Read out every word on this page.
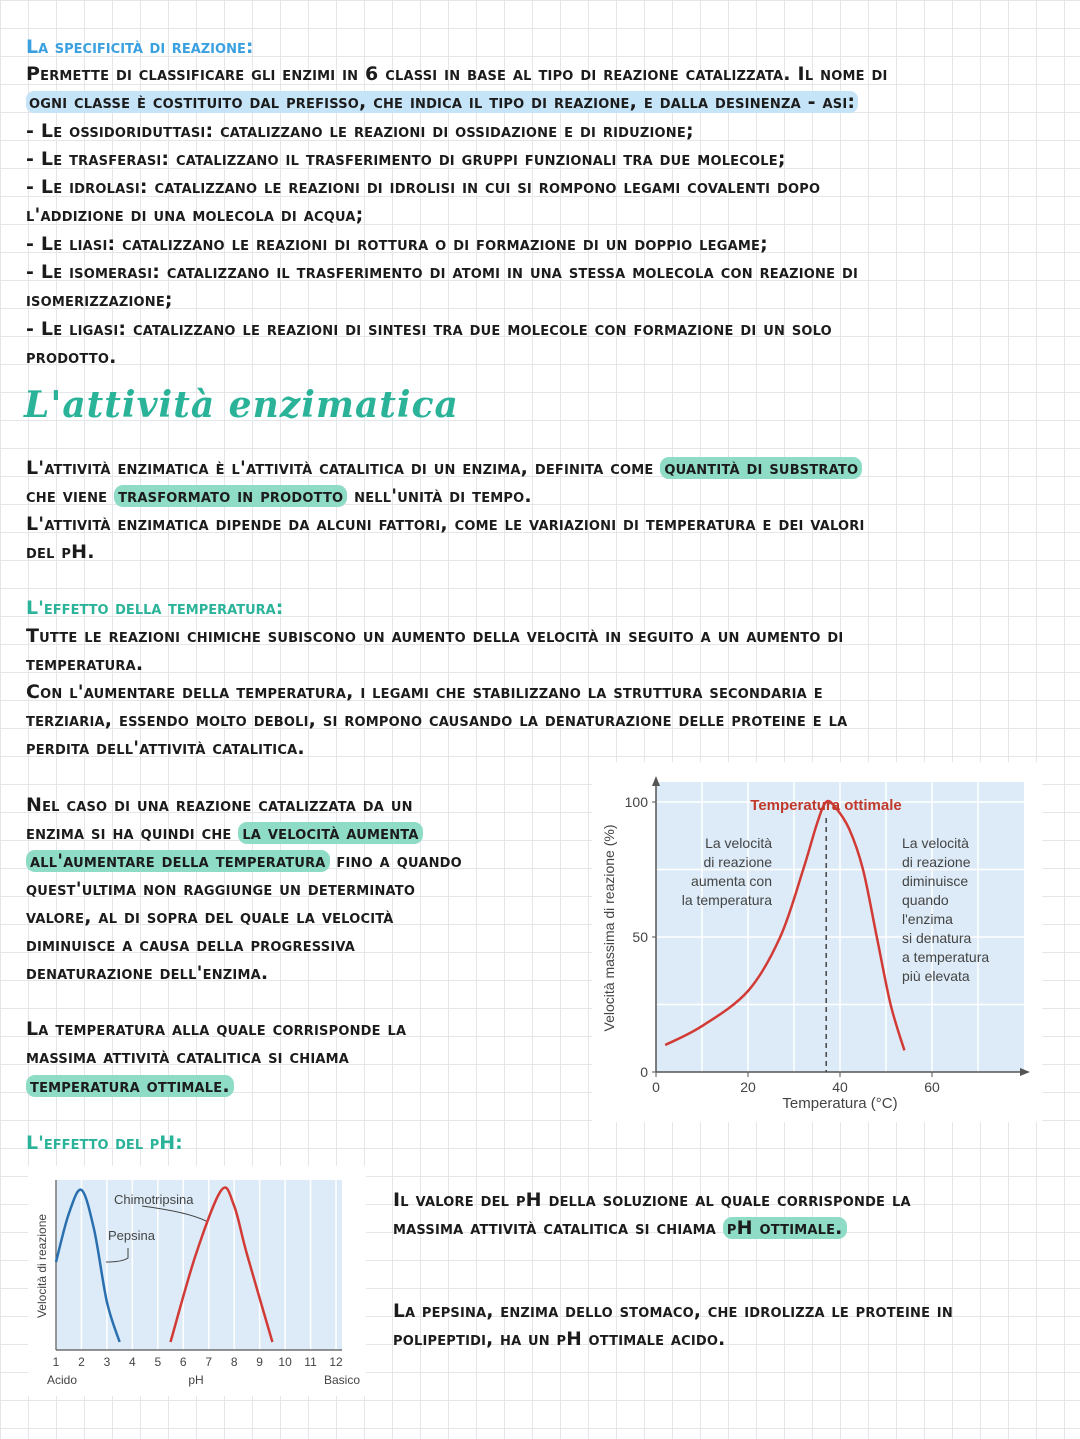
La specificità di reazione:
Permette di classificare gli enzimi in 6 classi in base al tipo di reazione catalizzata. Il nome di
ogni classe è costituito dal prefisso, che indica il tipo di reazione, e dalla desinenza - asi:
- Le ossidoriduttasi: catalizzano le reazioni di ossidazione e di riduzione;
- Le trasferasi: catalizzano il trasferimento di gruppi funzionali tra due molecole;
- Le idrolasi: catalizzano le reazioni di idrolisi in cui si rompono legami covalenti dopo
l'addizione di una molecola di acqua;
- Le liasi: catalizzano le reazioni di rottura o di formazione di un doppio legame;
- Le isomerasi: catalizzano il trasferimento di atomi in una stessa molecola con reazione di
isomerizzazione;
- Le ligasi: catalizzano le reazioni di sintesi tra due molecole con formazione di un solo
prodotto.
L'attività enzimatica
L'attività enzimatica è l'attività catalitica di un enzima, definita come quantità di substrato
che viene trasformato in prodotto nell'unità di tempo.
L'attività enzimatica dipende da alcuni fattori, come le variazioni di temperatura e dei valori
del pH.
L'effetto della temperatura:
Tutte le reazioni chimiche subiscono un aumento della velocità in seguito a un aumento di
temperatura.
Con l'aumentare della temperatura, i legami che stabilizzano la struttura secondaria e
terziaria, essendo molto deboli, si rompono causando la denaturazione delle proteine e la
perdita dell'attività catalitica.
Nel caso di una reazione catalizzata da un
enzima si ha quindi che la velocità aumenta
all'aumentare della temperatura fino a quando
quest'ultima non raggiunge un determinato
valore, al di sopra del quale la velocità
diminuisce a causa della progressiva
denaturazione dell'enzima.
La temperatura alla quale corrisponde la
massima attività catalitica si chiama
temperatura ottimale.
Temperatura ottimale
0
50
100
0	20	40	60
Temperatura (°C)
Velocità massima di reazione (%)	La velocità
di reazione
aumenta con
la temperatura
La velocità
di reazione
diminuisce
quando
l'enzima
si denatura
a temperatura
più elevata
L'effetto del pH:
Chimotripsina
Pepsina
1 2 3 4 5 6 7 8 9 10 11 12
Acido	Basico
pH
Velocità di reazione
Il valore del pH della soluzione al quale corrisponde la
massima attività catalitica si chiama pH ottimale.
La pepsina, enzima dello stomaco, che idrolizza le proteine in
polipeptidi, ha un pH ottimale acido.
